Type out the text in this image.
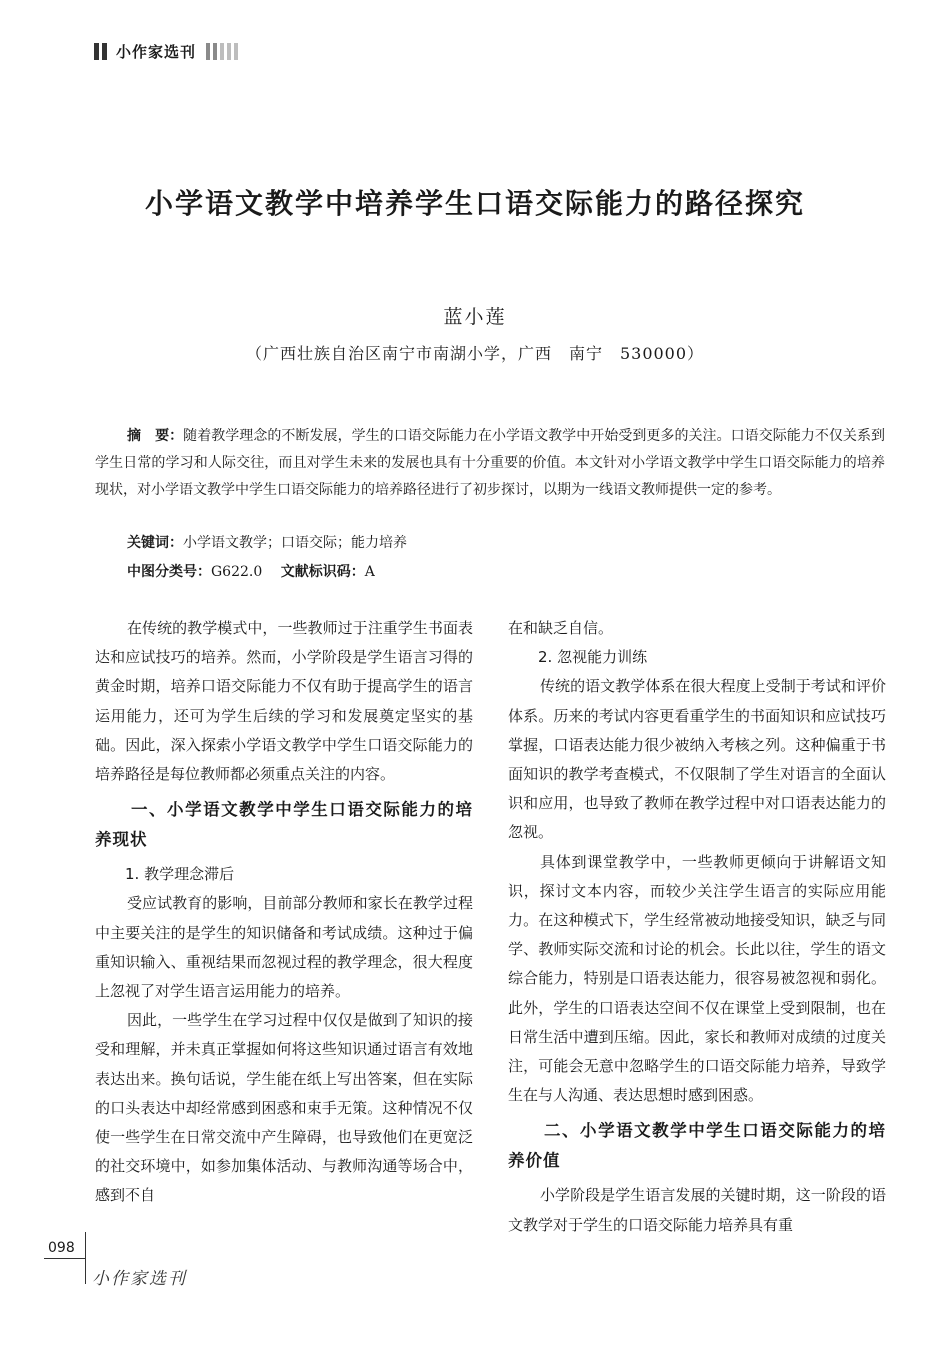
小作家选刊
小学语文教学中培养学生口语交际能力的路径探究
蓝小莲
（广西壮族自治区南宁市南湖小学，广西　南宁　530000）
摘　要：随着教学理念的不断发展，学生的口语交际能力在小学语文教学中开始受到更多的关注。口语交际能力不仅关系到学生日常的学习和人际交往，而且对学生未来的发展也具有十分重要的价值。本文针对小学语文教学中学生口语交际能力的培养现状，对小学语文教学中学生口语交际能力的培养路径进行了初步探讨，以期为一线语文教师提供一定的参考。
关键词：小学语文教学；口语交际；能力培养
中图分类号：G622.0 文献标识码：A

在传统的教学模式中，一些教师过于注重学生书面表达和应试技巧的培养。然而，小学阶段是学生语言习得的黄金时期，培养口语交际能力不仅有助于提高学生的语言运用能力，还可为学生后续的学习和发展奠定坚实的基础。因此，深入探索小学语文教学中学生口语交际能力的培养路径是每位教师都必须重点关注的内容。

一、小学语文教学中学生口语交际能力的培养现状
1. 教学理念滞后

受应试教育的影响，目前部分教师和家长在教学过程中主要关注的是学生的知识储备和考试成绩。这种过于偏重知识输入、重视结果而忽视过程的教学理念，很大程度上忽视了对学生语言运用能力的培养。

因此，一些学生在学习过程中仅仅是做到了知识的接受和理解，并未真正掌握如何将这些知识通过语言有效地表达出来。换句话说，学生能在纸上写出答案，但在实际的口头表达中却经常感到困惑和束手无策。这种情况不仅使一些学生在日常交流中产生障碍，也导致他们在更宽泛的社交环境中，如参加集体活动、与教师沟通等场合中，感到不自

在和缺乏自信。

2. 忽视能力训练

传统的语文教学体系在很大程度上受制于考试和评价体系。历来的考试内容更看重学生的书面知识和应试技巧掌握，口语表达能力很少被纳入考核之列。这种偏重于书面知识的教学考查模式，不仅限制了学生对语言的全面认识和应用，也导致了教师在教学过程中对口语表达能力的忽视。

具体到课堂教学中，一些教师更倾向于讲解语文知识，探讨文本内容，而较少关注学生语言的实际应用能力。在这种模式下，学生经常被动地接受知识，缺乏与同学、教师实际交流和讨论的机会。长此以往，学生的语文综合能力，特别是口语表达能力，很容易被忽视和弱化。此外，学生的口语表达空间不仅在课堂上受到限制，也在日常生活中遭到压缩。因此，家长和教师对成绩的过度关注，可能会无意中忽略学生的口语交际能力培养，导致学生在与人沟通、表达思想时感到困惑。

二、小学语文教学中学生口语交际能力的培养价值

小学阶段是学生语言发展的关键时期，这一阶段的语文教学对于学生的口语交际能力培养具有重

098
小作家选刊
